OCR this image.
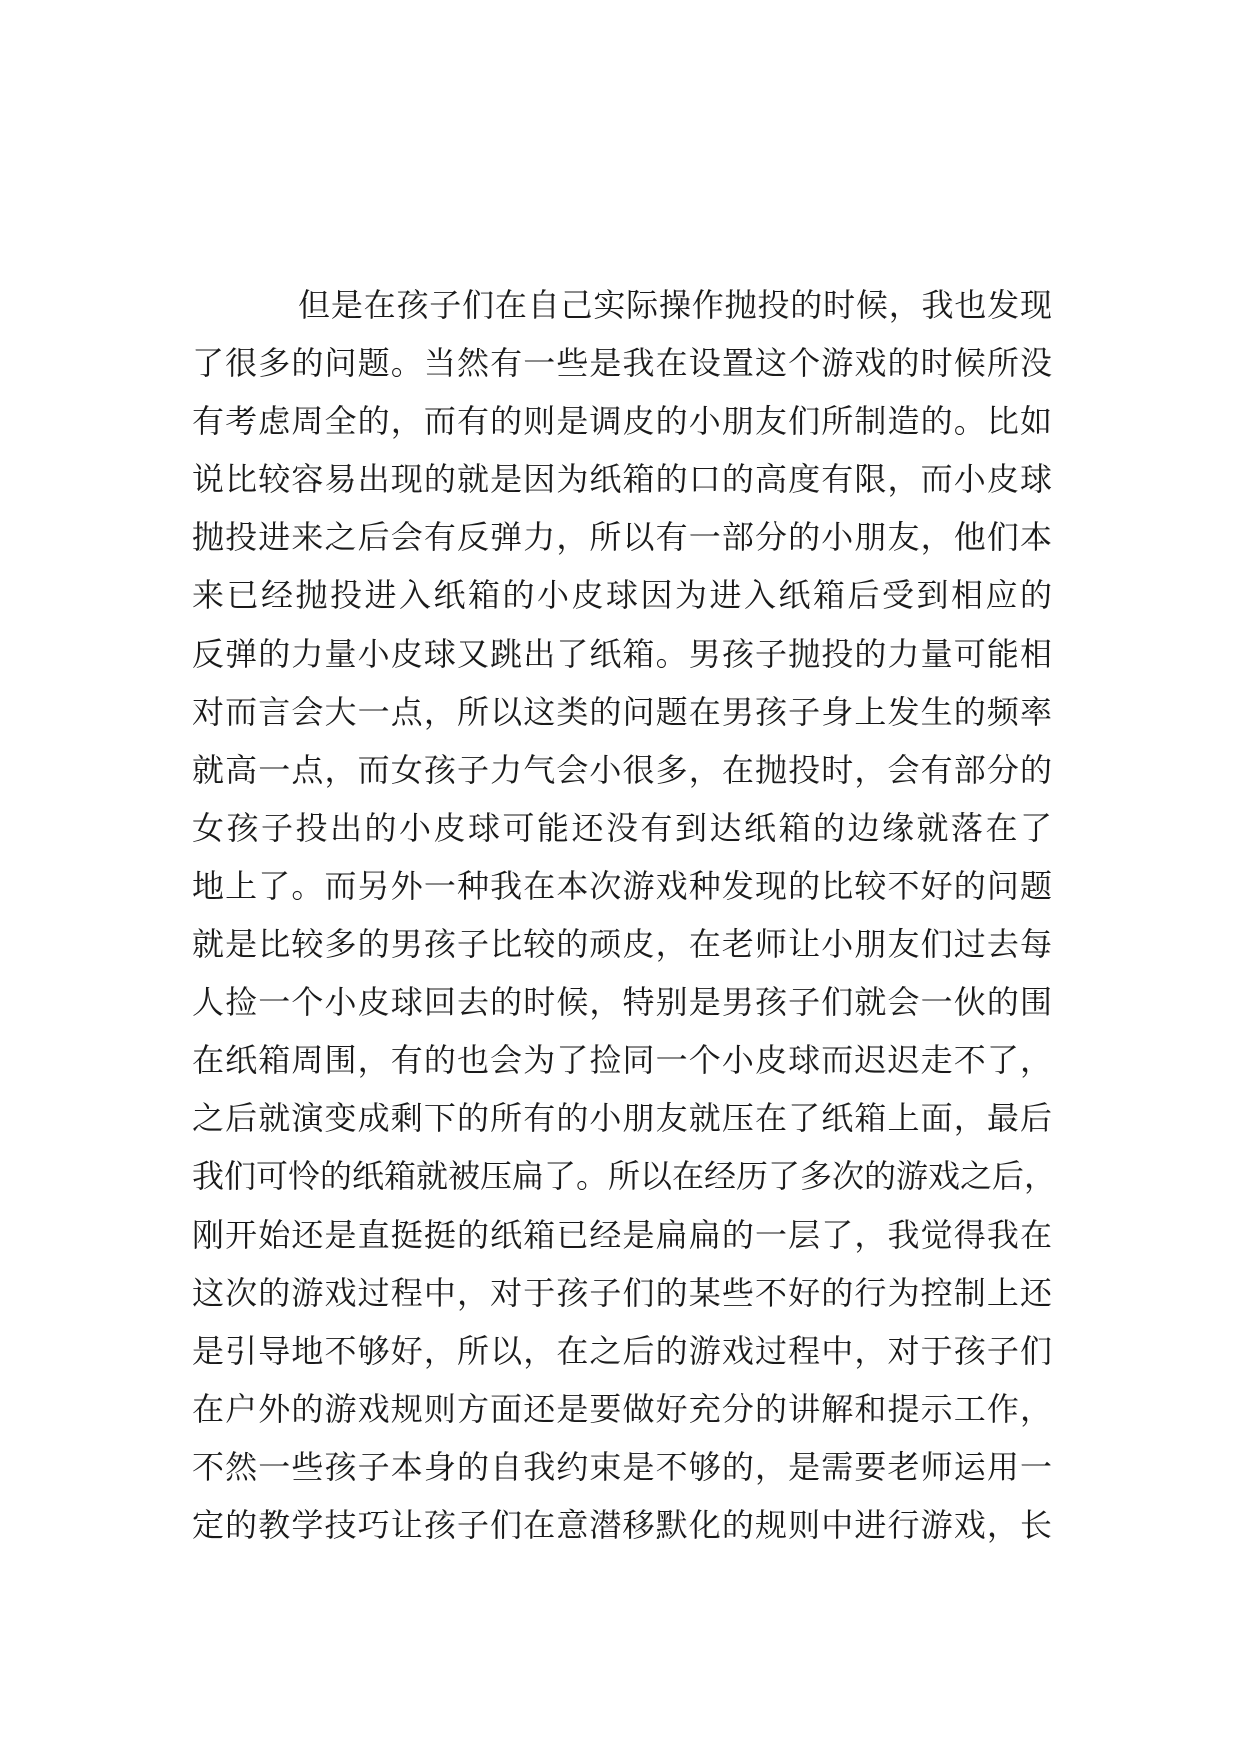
但是在孩子们在自己实际操作抛投的时候，我也发现
了很多的问题。当然有一些是我在设置这个游戏的时候所没
有考虑周全的，而有的则是调皮的小朋友们所制造的。比如
说比较容易出现的就是因为纸箱的口的高度有限，而小皮球
抛投进来之后会有反弹力，所以有一部分的小朋友，他们本
来已经抛投进入纸箱的小皮球因为进入纸箱后受到相应的
反弹的力量小皮球又跳出了纸箱。男孩子抛投的力量可能相
对而言会大一点，所以这类的问题在男孩子身上发生的频率
就高一点，而女孩子力气会小很多，在抛投时，会有部分的
女孩子投出的小皮球可能还没有到达纸箱的边缘就落在了
地上了。而另外一种我在本次游戏种发现的比较不好的问题
就是比较多的男孩子比较的顽皮，在老师让小朋友们过去每
人捡一个小皮球回去的时候，特别是男孩子们就会一伙的围
在纸箱周围，有的也会为了捡同一个小皮球而迟迟走不了，
之后就演变成剩下的所有的小朋友就压在了纸箱上面，最后
我们可怜的纸箱就被压扁了。所以在经历了多次的游戏之后，
刚开始还是直挺挺的纸箱已经是扁扁的一层了，我觉得我在
这次的游戏过程中，对于孩子们的某些不好的行为控制上还
是引导地不够好，所以，在之后的游戏过程中，对于孩子们
在户外的游戏规则方面还是要做好充分的讲解和提示工作，
不然一些孩子本身的自我约束是不够的，是需要老师运用一
定的教学技巧让孩子们在意潜移默化的规则中进行游戏，长
